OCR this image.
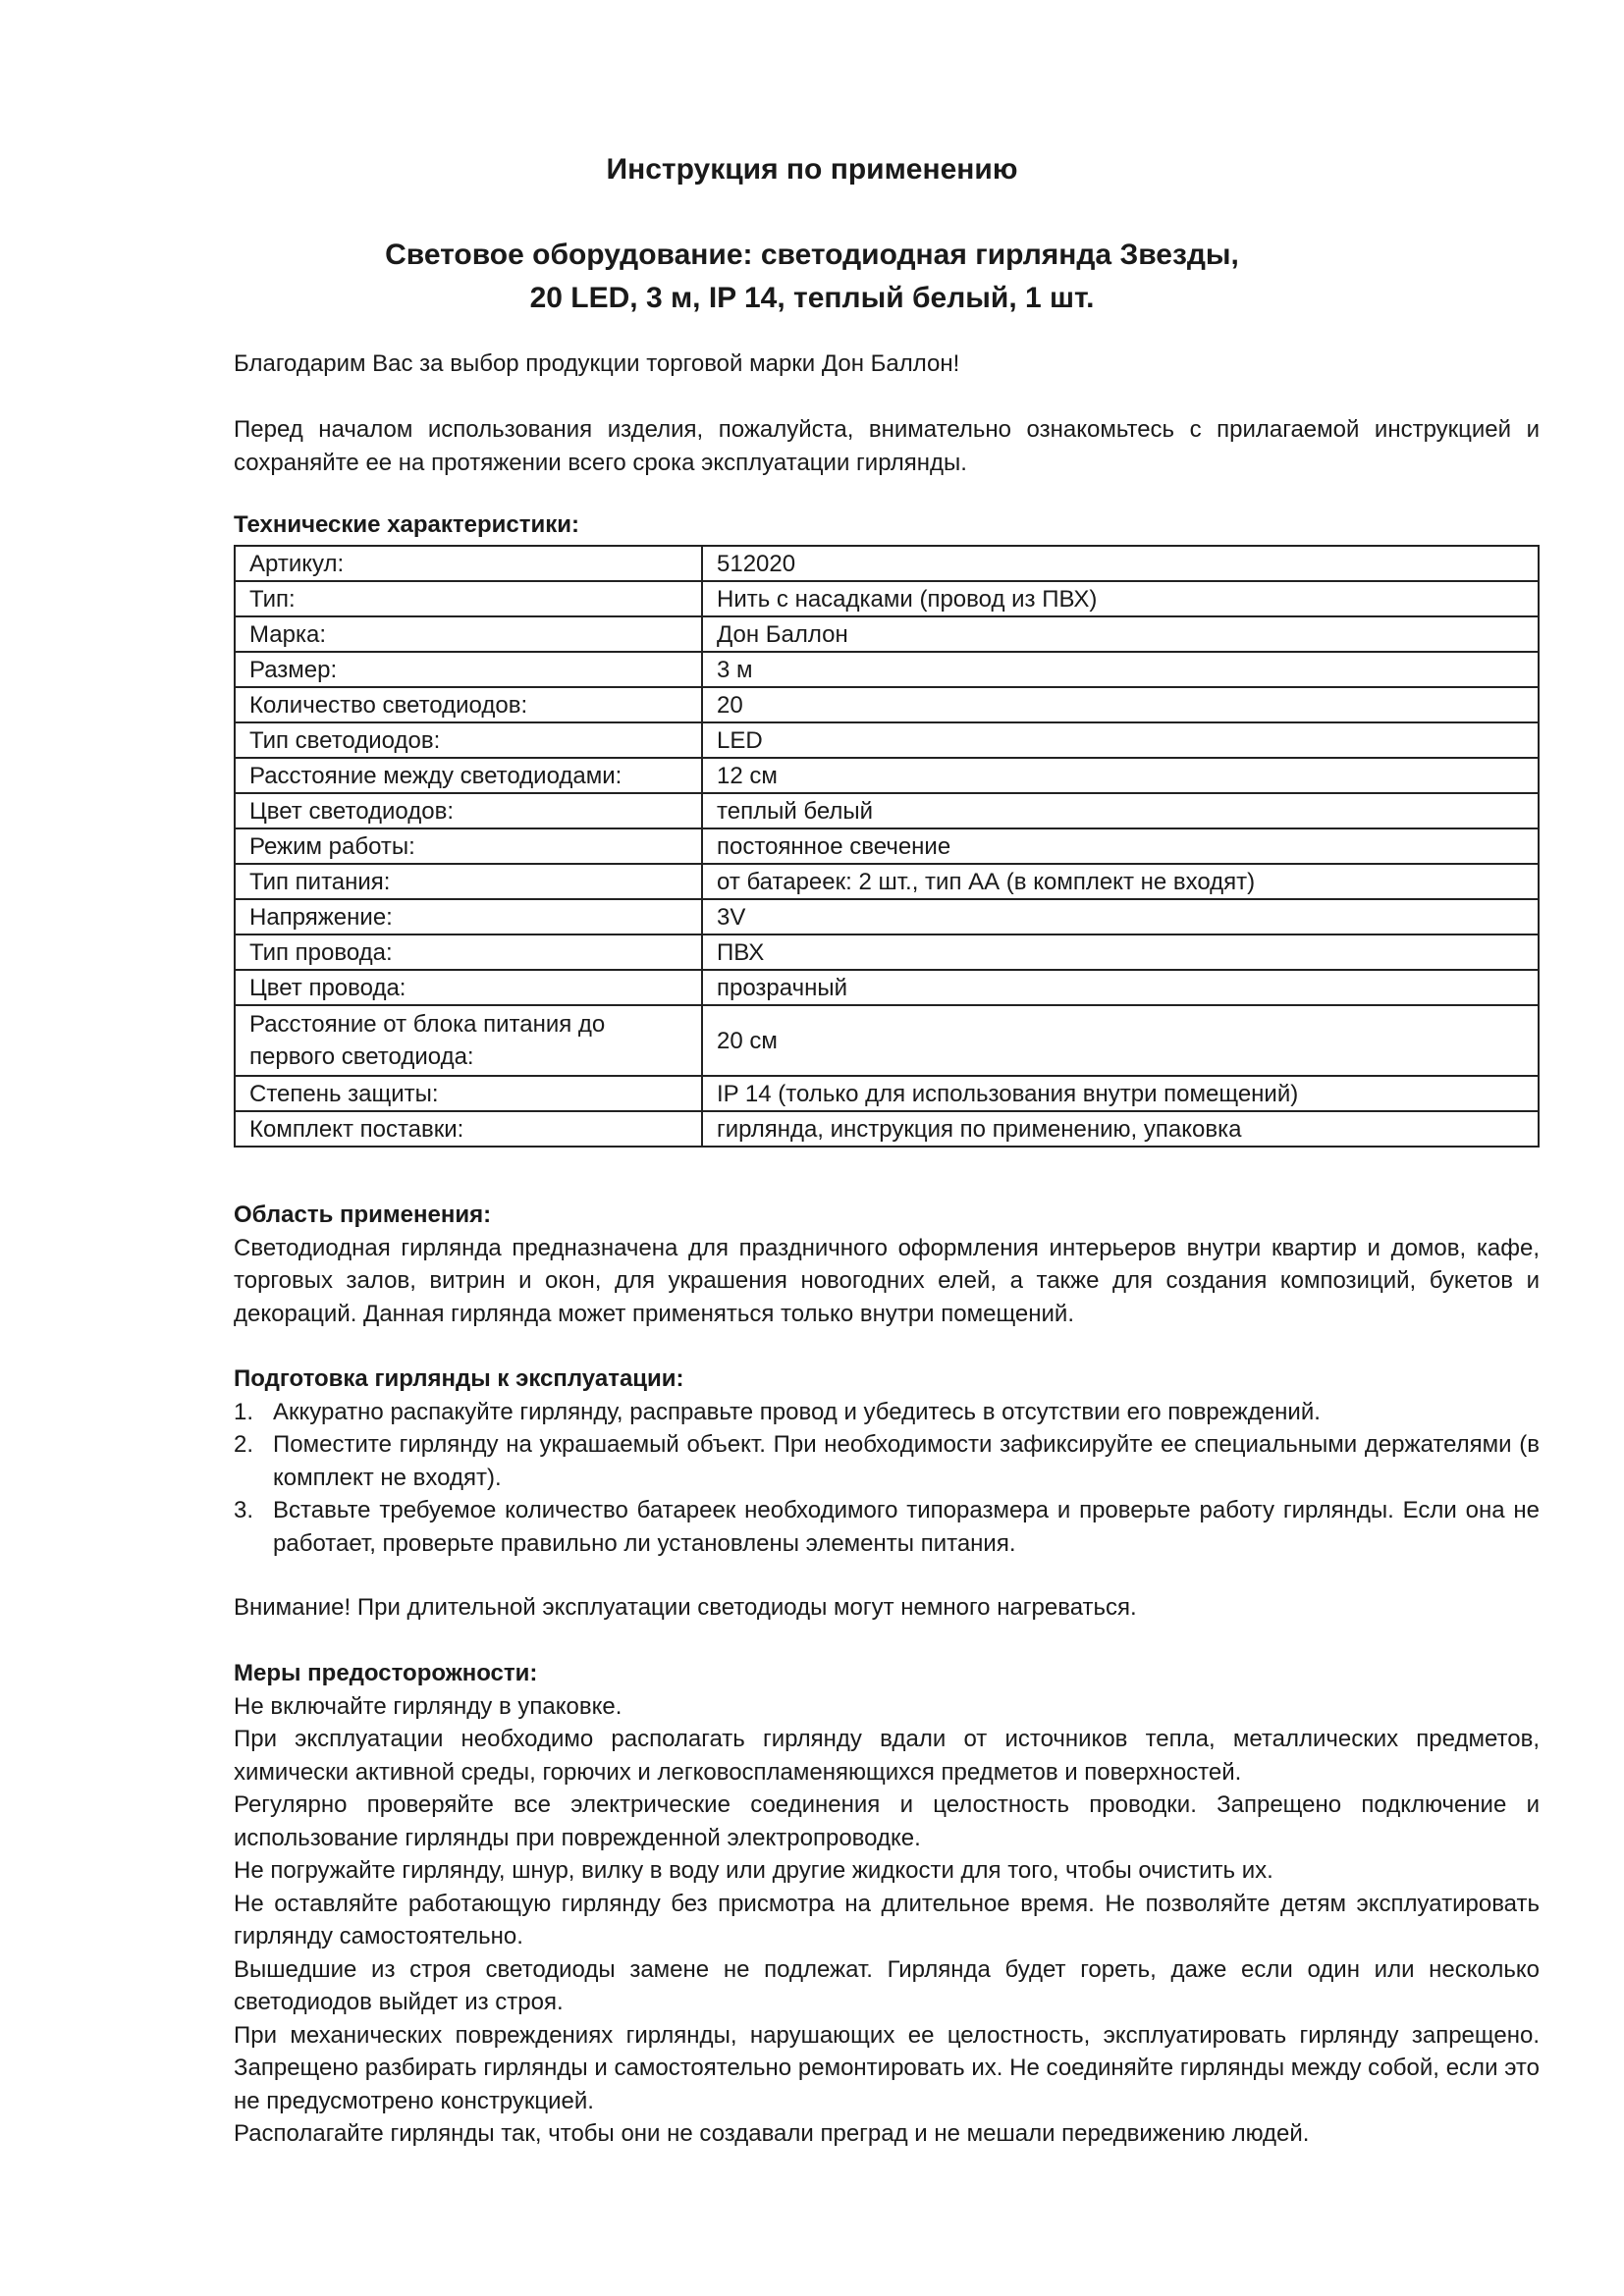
Инструкция по применению
Световое оборудование: светодиодная гирлянда Звезды,
20 LED, 3 м, IP 14, теплый белый, 1 шт.

Благодарим Вас за выбор продукции торговой марки Дон Баллон!

Перед началом использования изделия, пожалуйста, внимательно ознакомьтесь с прилагаемой инструкцией и сохраняйте ее на протяжении всего срока эксплуатации гирлянды.

Технические характеристики:

Артикул:	512020
Тип:	Нить с насадками (провод из ПВХ)
Марка:	Дон Баллон
Размер:	3 м
Количество светодиодов:	20
Тип светодиодов:	LED
Расстояние между светодиодами:	12 см
Цвет светодиодов:	теплый белый
Режим работы:	постоянное свечение
Тип питания:	от батареек: 2 шт., тип АА (в комплект не входят)
Напряжение:	3V
Тип провода:	ПВХ
Цвет провода:	прозрачный

Расстояние от блока питания до
первого светодиода:	20 см
Степень защиты:	IP 14 (только для использования внутри помещений)
Комплект поставки:	гирлянда, инструкция по применению, упаковка

Область применения:

Светодиодная гирлянда предназначена для праздничного оформления интерьеров внутри квартир и домов, кафе, торговых залов, витрин и окон, для украшения новогодних елей, а также для создания композиций, букетов и декораций. Данная гирлянда может применяться только внутри помещений.

Подготовка гирлянды к эксплуатации:

1. Аккуратно распакуйте гирлянду, расправьте провод и убедитесь в отсутствии его повреждений.
2. Поместите гирлянду на украшаемый объект. При необходимости зафиксируйте ее специальными держателями (в комплект не входят).
3. Вставьте требуемое количество батареек необходимого типоразмера и проверьте работу гирлянды. Если она не работает, проверьте правильно ли установлены элементы питания.

Внимание! При длительной эксплуатации светодиоды могут немного нагреваться.

Меры предосторожности:

Не включайте гирлянду в упаковке.

При эксплуатации необходимо располагать гирлянду вдали от источников тепла, металлических предметов, химически активной среды, горючих и легковоспламеняющихся предметов и поверхностей.

Регулярно проверяйте все электрические соединения и целостность проводки. Запрещено подключение и использование гирлянды при поврежденной электропроводке.

Не погружайте гирлянду, шнур, вилку в воду или другие жидкости для того, чтобы очистить их.

Не оставляйте работающую гирлянду без присмотра на длительное время. Не позволяйте детям эксплуатировать гирлянду самостоятельно.

Вышедшие из строя светодиоды замене не подлежат. Гирлянда будет гореть, даже если один или несколько светодиодов выйдет из строя.

При механических повреждениях гирлянды, нарушающих ее целостность, эксплуатировать гирлянду запрещено. Запрещено разбирать гирлянды и самостоятельно ремонтировать их. Не соединяйте гирлянды между собой, если это не предусмотрено конструкцией.

Располагайте гирлянды так, чтобы они не создавали преград и не мешали передвижению людей.
